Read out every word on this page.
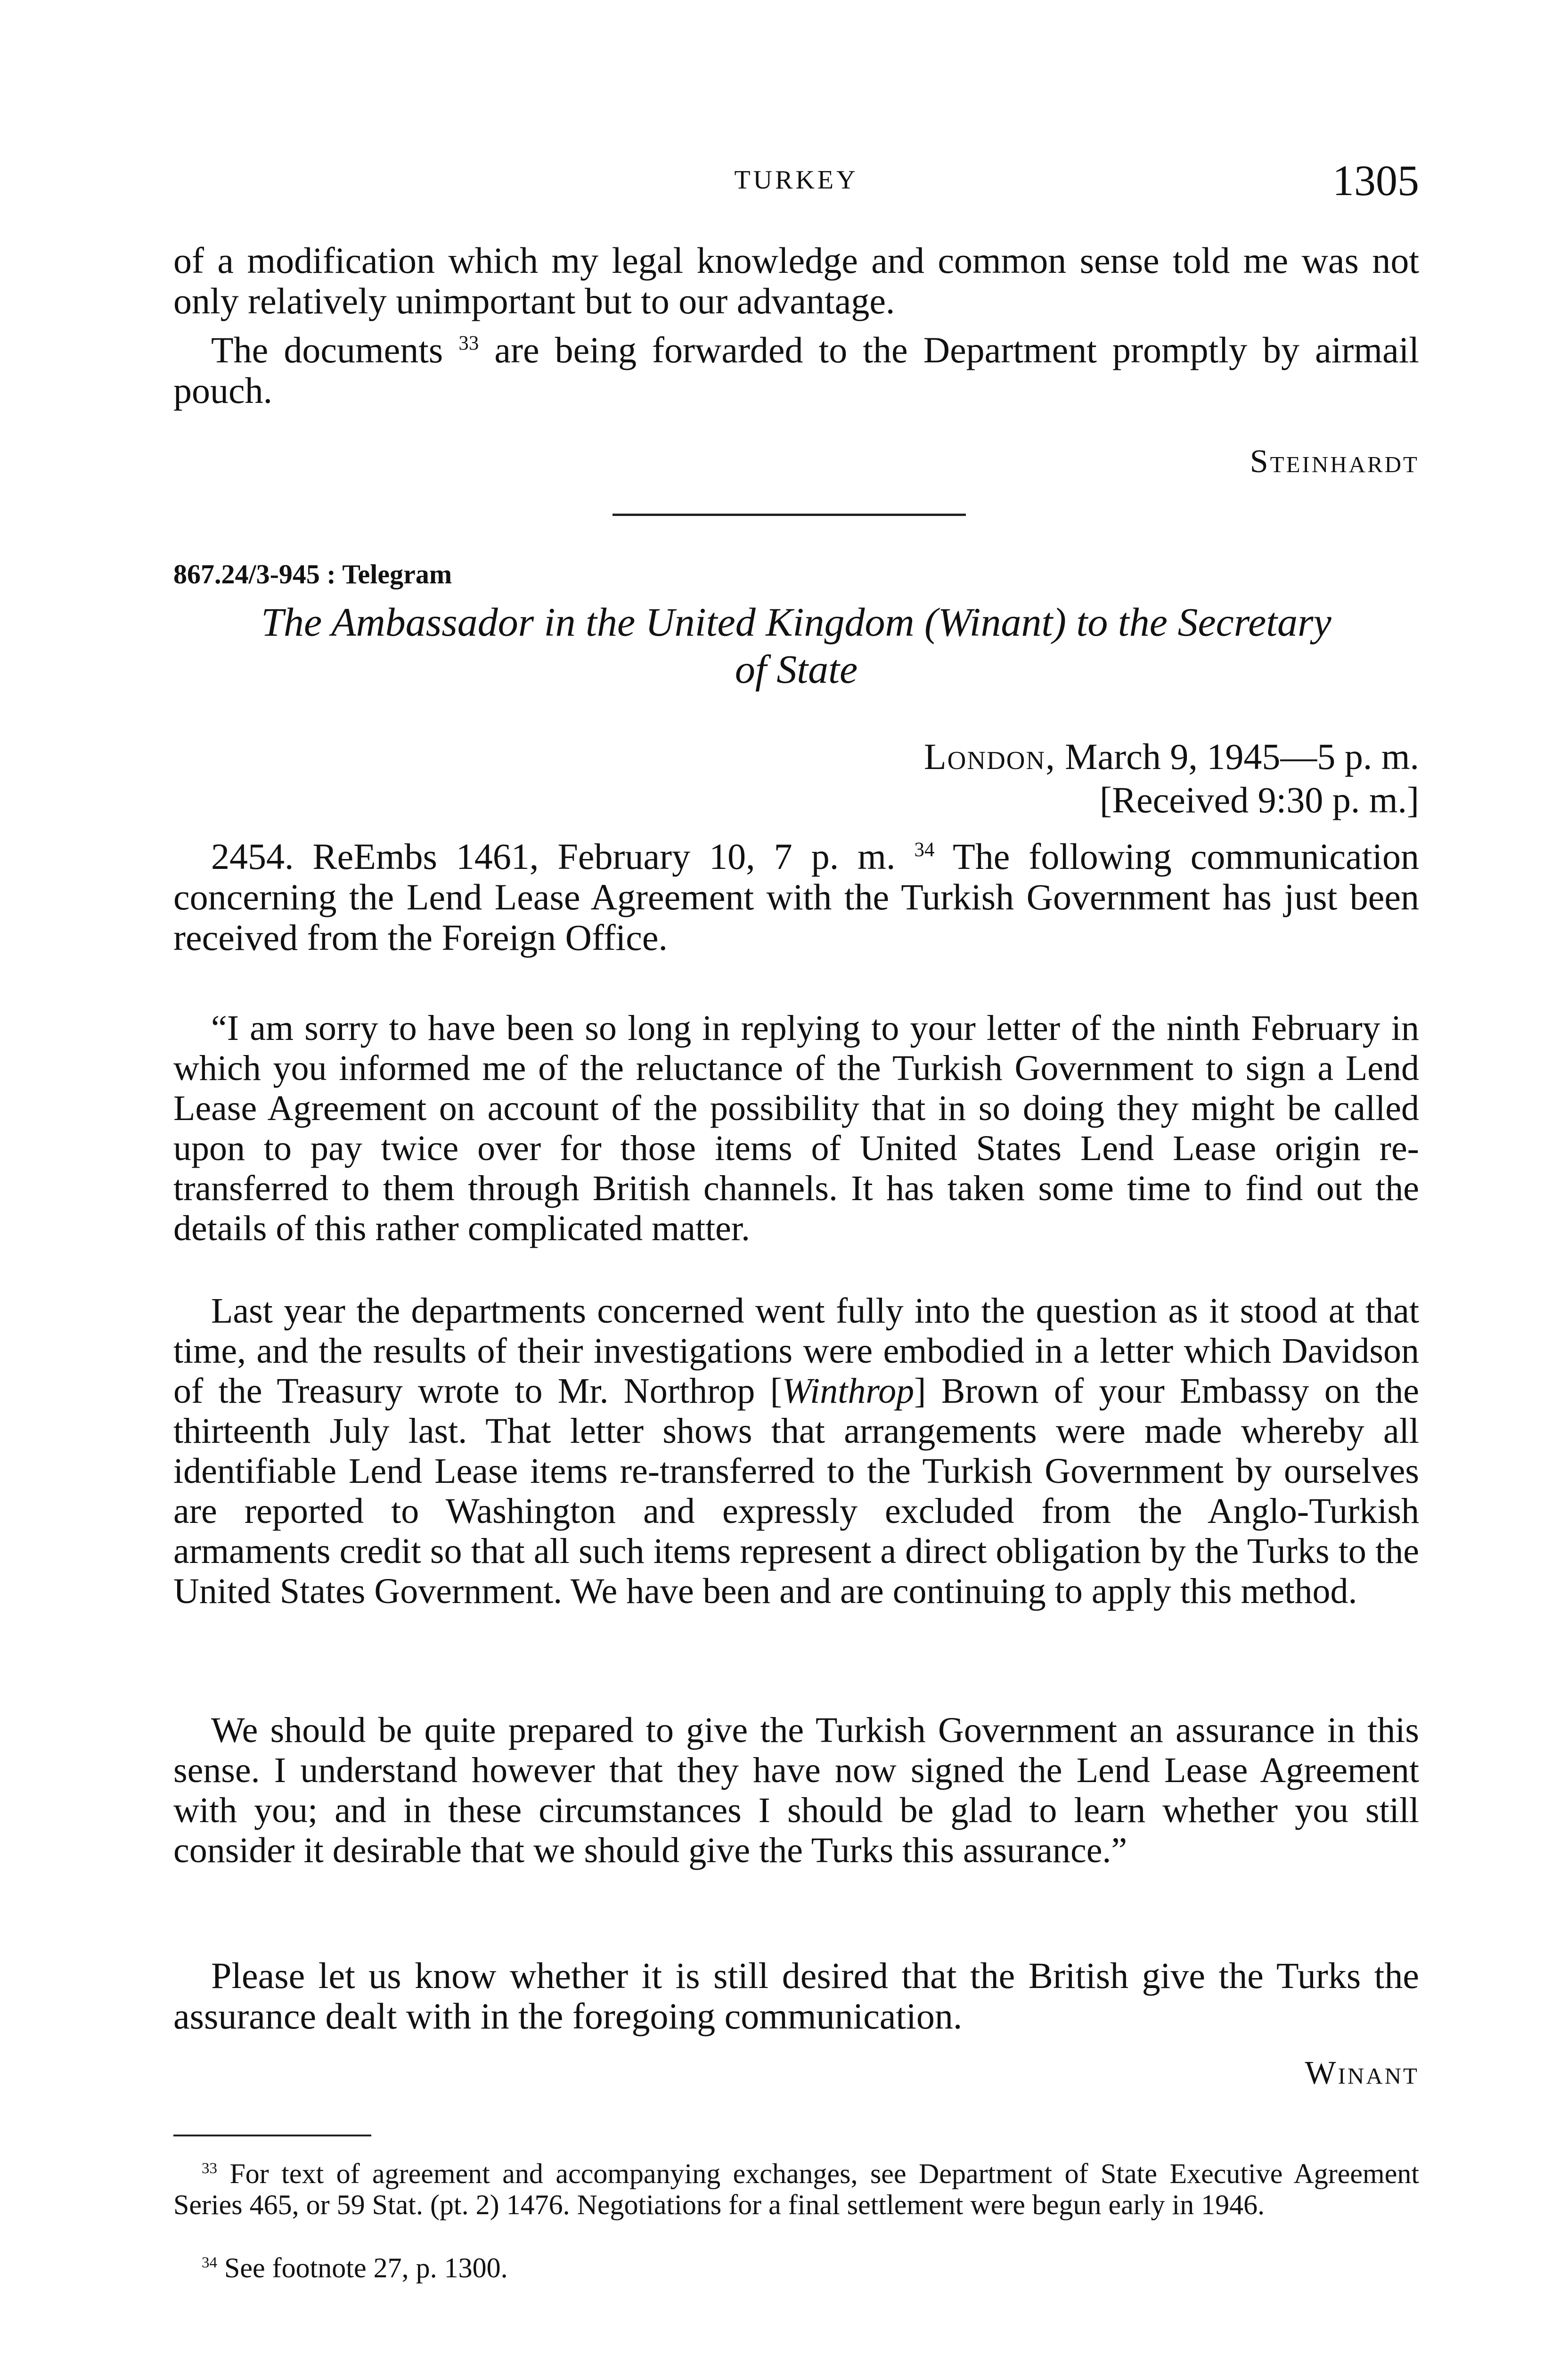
TURKEY	1305

of a modification which my legal knowledge and common sense told me was not only relatively unimportant but to our advantage.

The documents $^{33}$ are being forwarded to the Department promptly by airmail pouch.

Steinhardt
867.24/3-945 : Telegram
The Ambassador in the United Kingdom (Winant) to the Secretary
of State
London, March 9, 1945—5 p. m.
[Received 9:30 p. m.]

2454. ReEmbs 1461, February 10, 7 p. m. $^{34}$ The following communication concerning the Lend Lease Agreement with the Turkish Government has just been received from the Foreign Office.

“I am sorry to have been so long in replying to your letter of the ninth February in which you informed me of the reluctance of the Turkish Government to sign a Lend Lease Agreement on account of the possibility that in so doing they might be called upon to pay twice over for those items of United States Lend Lease origin re-transferred to them through British channels. It has taken some time to find out the details of this rather complicated matter.

Last year the departments concerned went fully into the question as it stood at that time, and the results of their investigations were embodied in a letter which Davidson of the Treasury wrote to Mr. Northrop [Winthrop] Brown of your Embassy on the thirteenth July last. That letter shows that arrangements were made whereby all identifiable Lend Lease items re-transferred to the Turkish Government by ourselves are reported to Washington and expressly excluded from the Anglo-Turkish armaments credit so that all such items represent a direct obligation by the Turks to the United States Government. We have been and are continuing to apply this method.

We should be quite prepared to give the Turkish Government an assurance in this sense. I understand however that they have now signed the Lend Lease Agreement with you; and in these circumstances I should be glad to learn whether you still consider it desirable that we should give the Turks this assurance.”

Please let us know whether it is still desired that the British give the Turks the assurance dealt with in the foregoing communication.

Winant

$^{33}$ For text of agreement and accompanying exchanges, see Department of State Executive Agreement Series 465, or 59 Stat. (pt. 2) 1476. Negotiations for a final settlement were begun early in 1946.

$^{34}$ See footnote 27, p. 1300.
